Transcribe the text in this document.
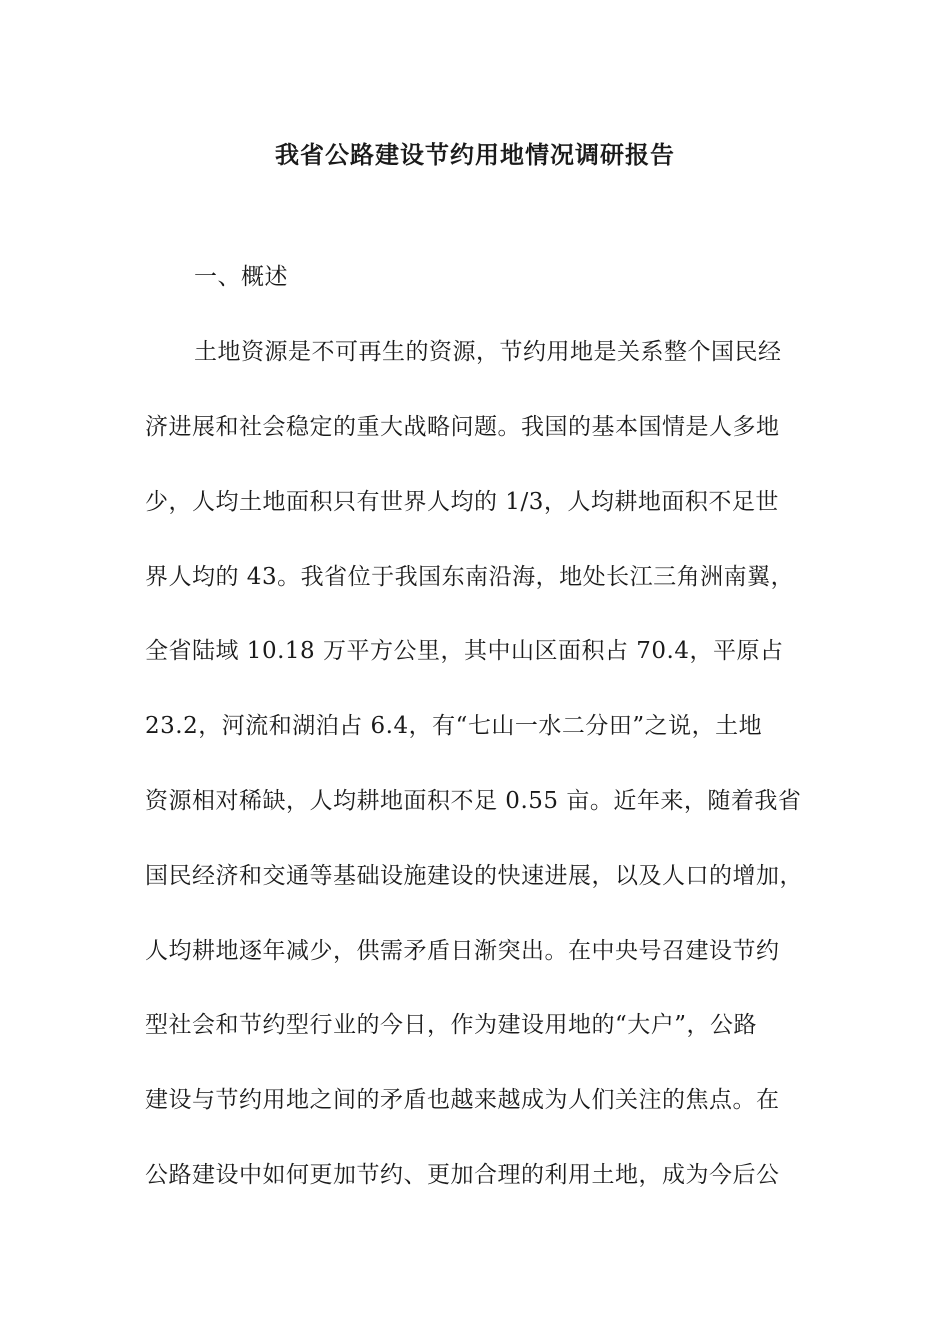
我省公路建设节约用地情况调研报告
一、概述
土地资源是不可再生的资源，节约用地是关系整个国民经
济进展和社会稳定的重大战略问题。我国的基本国情是人多地
少，人均土地面积只有世界人均的 1/3，人均耕地面积不足世
界人均的 43。我省位于我国东南沿海，地处长江三角洲南翼，
全省陆域 10.18 万平方公里，其中山区面积占 70.4，平原占
23.2，河流和湖泊占 6.4，有“七山一水二分田”之说，土地
资源相对稀缺，人均耕地面积不足 0.55 亩。近年来，随着我省
国民经济和交通等基础设施建设的快速进展，以及人口的增加，
人均耕地逐年减少，供需矛盾日渐突出。在中央号召建设节约
型社会和节约型行业的今日，作为建设用地的“大户”，公路
建设与节约用地之间的矛盾也越来越成为人们关注的焦点。在
公路建设中如何更加节约、更加合理的利用土地，成为今后公
